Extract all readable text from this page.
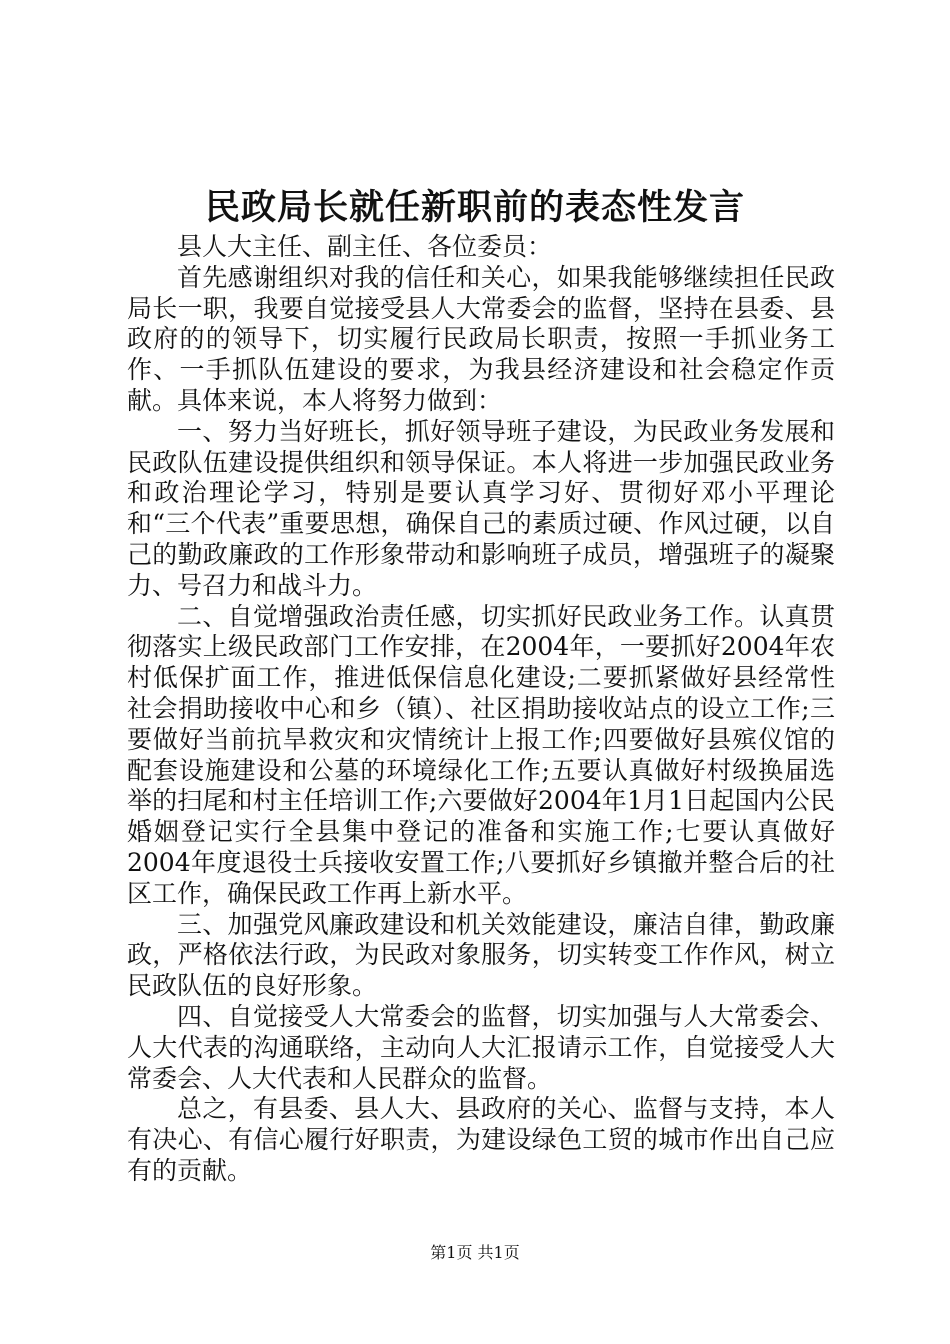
民政局长就任新职前的表态性发言

县人大主任、副主任、各位委员：

首先感谢组织对我的信任和关心，如果我能够继续担任民政局长一职，我要自觉接受县人大常委会的监督，坚持在县委、县政府的的领导下，切实履行民政局长职责，按照一手抓业务工作、一手抓队伍建设的要求，为我县经济建设和社会稳定作贡献。具体来说，本人将努力做到：

一、努力当好班长，抓好领导班子建设，为民政业务发展和民政队伍建设提供组织和领导保证。本人将进一步加强民政业务和政治理论学习，特别是要认真学习好、贯彻好邓小平理论和“三个代表”重要思想，确保自己的素质过硬、作风过硬，以自己的勤政廉政的工作形象带动和影响班子成员，增强班子的凝聚力、号召力和战斗力。

二、自觉增强政治责任感，切实抓好民政业务工作。认真贯彻落实上级民政部门工作安排，在2004年，一要抓好2004年农村低保扩面工作，推进低保信息化建设;二要抓紧做好县经常性社会捐助接收中心和乡（镇）、社区捐助接收站点的设立工作;三要做好当前抗旱救灾和灾情统计上报工作;四要做好县殡仪馆的配套设施建设和公墓的环境绿化工作;五要认真做好村级换届选举的扫尾和村主任培训工作;六要做好2004年1月1日起国内公民婚姻登记实行全县集中登记的准备和实施工作;七要认真做好2004年度退役士兵接收安置工作;八要抓好乡镇撤并整合后的社区工作，确保民政工作再上新水平。

三、加强党风廉政建设和机关效能建设，廉洁自律，勤政廉政，严格依法行政，为民政对象服务，切实转变工作作风，树立民政队伍的良好形象。

四、自觉接受人大常委会的监督，切实加强与人大常委会、人大代表的沟通联络，主动向人大汇报请示工作，自觉接受人大常委会、人大代表和人民群众的监督。

总之，有县委、县人大、县政府的关心、监督与支持，本人有决心、有信心履行好职责，为建设绿色工贸的城市作出自己应有的贡献。

第1页 共1页
